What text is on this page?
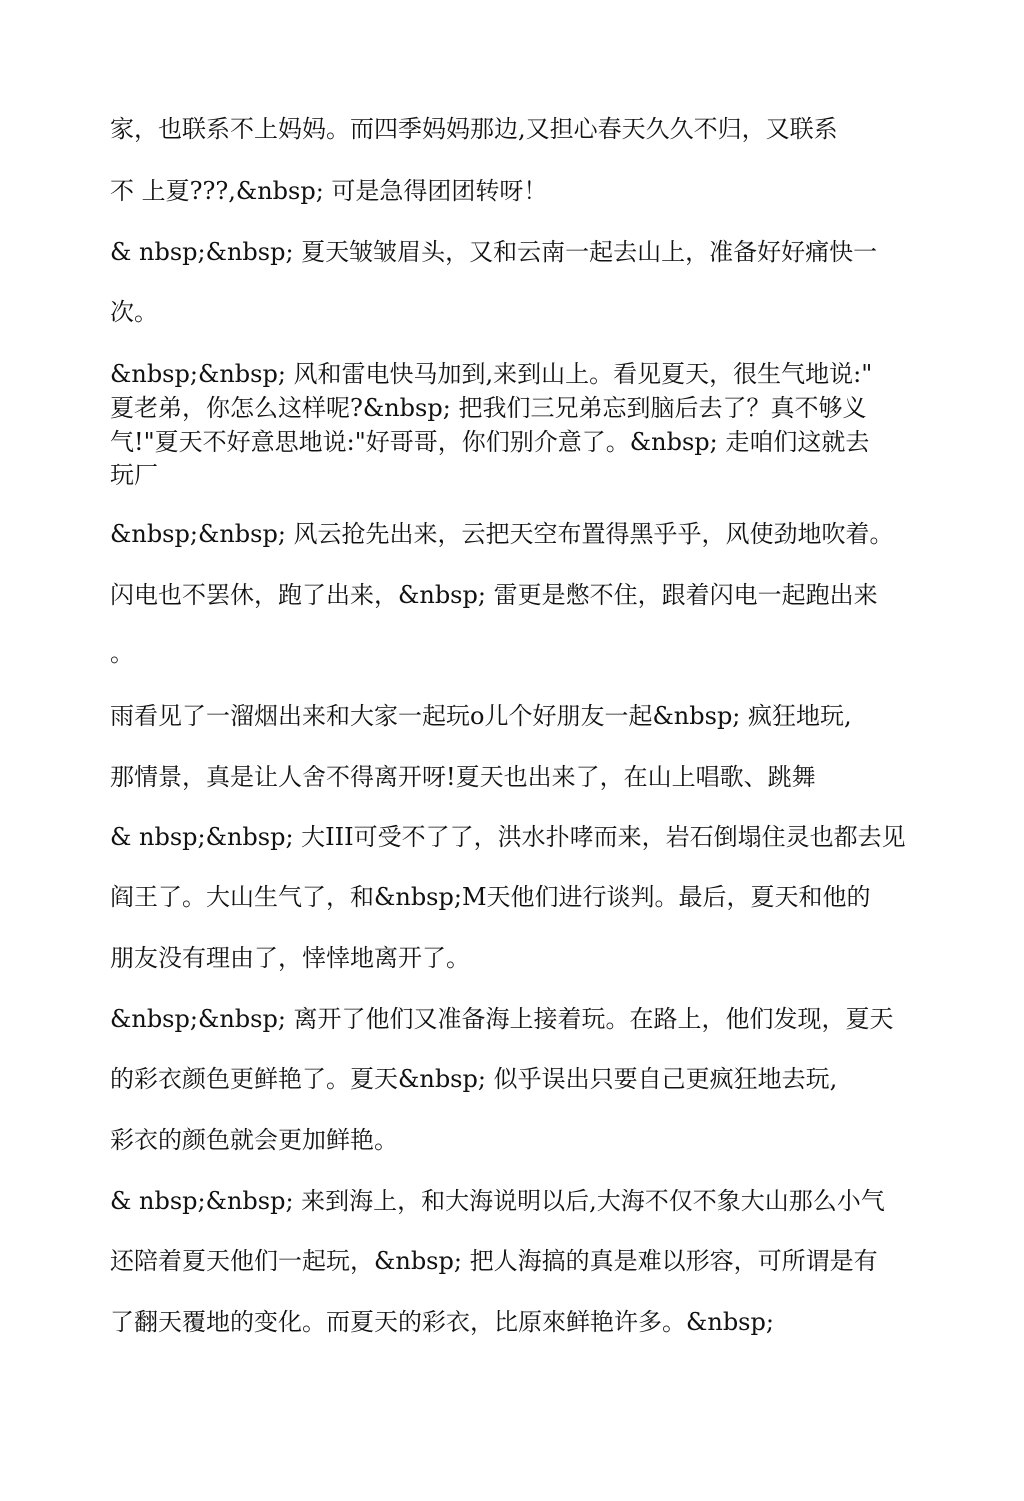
家，也联系不上妈妈。而四季妈妈那边,又担心春天久久不归，又联系
不 上夏???,&nbsp; 可是急得团团转呀！
& nbsp;&nbsp; 夏天皱皱眉头，又和云南一起去山上，准备好好痛快一
次。
&nbsp;&nbsp; 风和雷电快马加到,来到山上。看见夏天，很生气地说:"
夏老弟，你怎么这样呢?&nbsp; 把我们三兄弟忘到脑后去了？真不够义
气!"夏天不好意思地说:"好哥哥，你们别介意了。&nbsp; 走咱们这就去
玩厂
&nbsp;&nbsp; 风云抢先出来，云把天空布置得黑乎乎，风使劲地吹着。
闪电也不罢休，跑了出来，&nbsp; 雷更是憋不住，跟着闪电一起跑出来
。
雨看见了一溜烟出来和大家一起玩o儿个好朋友一起&nbsp; 疯狂地玩,
那情景，真是让人舍不得离开呀!夏天也出来了，在山上唱歌、跳舞
& nbsp;&nbsp; 大III可受不了了，洪水扑哮而来，岩石倒塌住灵也都去见
阎王了。大山生气了，和&nbsp;M天他们进行谈判。最后，夏天和他的
朋友没有理由了，悻悻地离开了。
&nbsp;&nbsp; 离开了他们又准备海上接着玩。在路上，他们发现，夏天
的彩衣颜色更鲜艳了。夏天&nbsp; 似乎误出只要自己更疯狂地去玩,
彩衣的颜色就会更加鲜艳。
& nbsp;&nbsp; 来到海上，和大海说明以后,大海不仅不象大山那么小气
还陪着夏天他们一起玩，&nbsp; 把人海搞的真是难以形容，可所谓是有
了翻天覆地的变化。而夏天的彩衣，比原來鲜艳许多。&nbsp;
